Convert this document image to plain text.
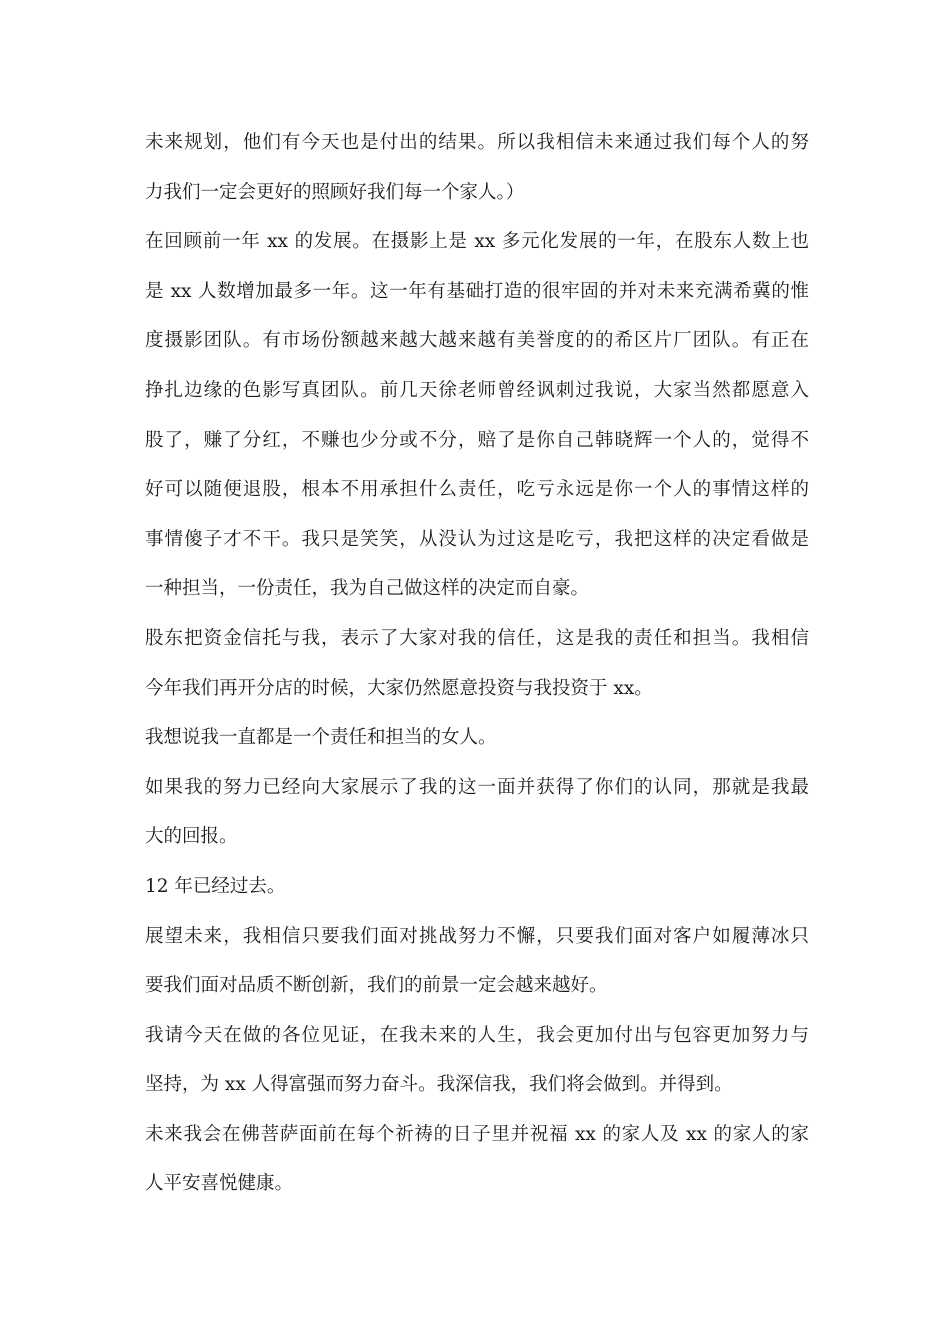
未来规划，他们有今天也是付出的结果。所以我相信未来通过我们每个人的努
力我们一定会更好的照顾好我们每一个家人。）
在回顾前一年 xx 的发展。在摄影上是 xx 多元化发展的一年，在股东人数上也
是 xx 人数增加最多一年。这一年有基础打造的很牢固的并对未来充满希冀的惟
度摄影团队。有市场份额越来越大越来越有美誉度的的希区片厂团队。有正在
挣扎边缘的色影写真团队。前几天徐老师曾经讽刺过我说，大家当然都愿意入
股了，赚了分红，不赚也少分或不分，赔了是你自己韩晓辉一个人的，觉得不
好可以随便退股，根本不用承担什么责任，吃亏永远是你一个人的事情这样的
事情傻子才不干。我只是笑笑，从没认为过这是吃亏，我把这样的决定看做是
一种担当，一份责任，我为自己做这样的决定而自豪。
股东把资金信托与我，表示了大家对我的信任，这是我的责任和担当。我相信
今年我们再开分店的时候，大家仍然愿意投资与我投资于 xx。
我想说我一直都是一个责任和担当的女人。
如果我的努力已经向大家展示了我的这一面并获得了你们的认同，那就是我最
大的回报。
12 年已经过去。
展望未来，我相信只要我们面对挑战努力不懈，只要我们面对客户如履薄冰只
要我们面对品质不断创新，我们的前景一定会越来越好。
我请今天在做的各位见证，在我未来的人生，我会更加付出与包容更加努力与
坚持，为 xx 人得富强而努力奋斗。我深信我，我们将会做到。并得到。
未来我会在佛菩萨面前在每个祈祷的日子里并祝福 xx 的家人及 xx 的家人的家
人平安喜悦健康。
